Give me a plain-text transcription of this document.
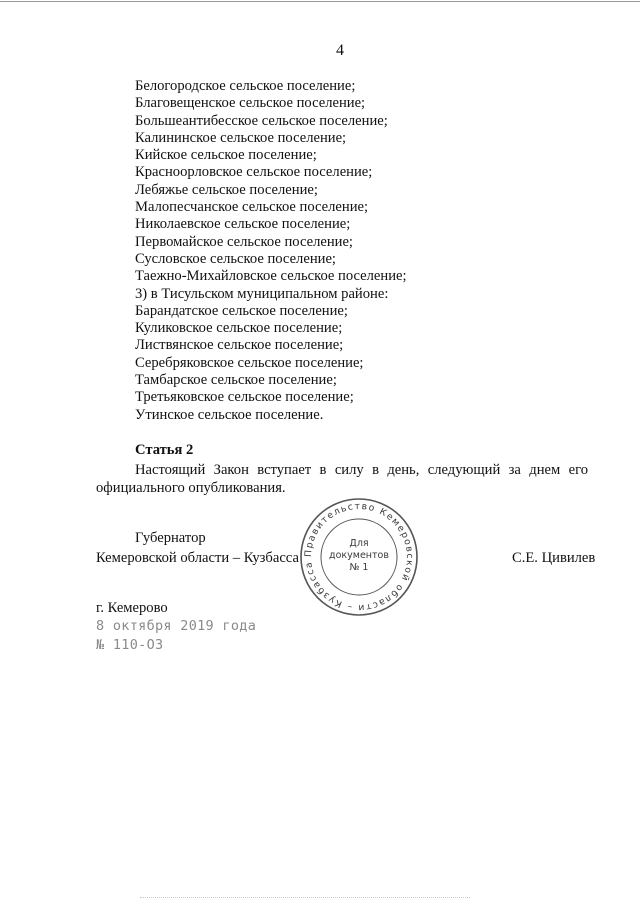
4
Белогородское сельское поселение;
Благовещенское сельское поселение;
Большеантибесское сельское поселение;
Калининское сельское поселение;
Кийское сельское поселение;
Красноорловское сельское поселение;
Лебяжье сельское поселение;
Малопесчанское сельское поселение;
Николаевское сельское поселение;
Первомайское сельское поселение;
Сусловское сельское поселение;
Таежно-Михайловское сельское поселение;
3) в Тисульском муниципальном районе:
Барандатское сельское поселение;
Куликовское сельское поселение;
Листвянское сельское поселение;
Серебряковское сельское поселение;
Тамбарское сельское поселение;
Третьяковское сельское поселение;
Утинское сельское поселение.
Статья 2

Настоящий Закон вступает в силу в день, следующий за днем его официального опубликования.

Губернатор
Кемеровской области – Кузбасса	С.Е. Цивилев
Правительство Кемеровской области – Кузбасса
Для
документов
№ 1
г. Кемерово
8 октября 2019 года
№ 110-ОЗ
